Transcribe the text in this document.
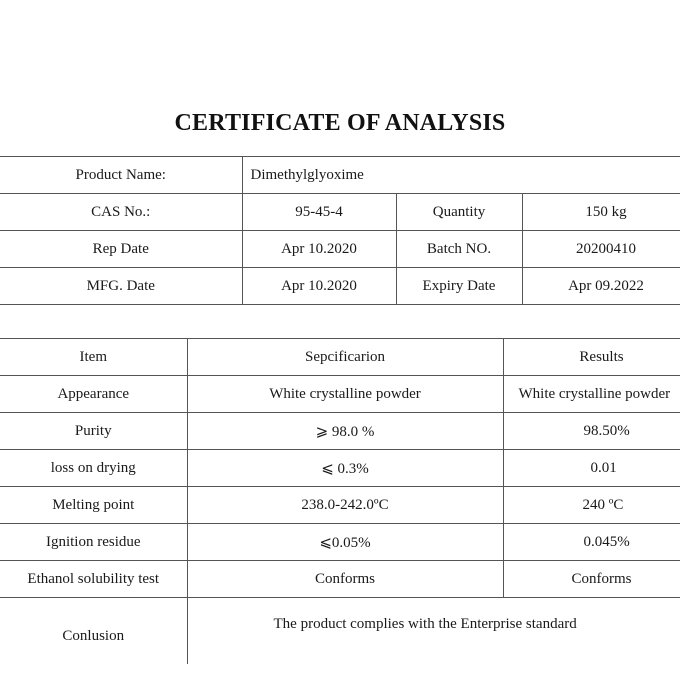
CERTIFICATE OF ANALYSIS
Product Name:	Dimethylglyoxime		
CAS No.:	95-45-4	Quantity	150 kg
Rep Date	Apr 10.2020	Batch NO.	20200410
MFG. Date	Apr 10.2020	Expiry Date	Apr 09.2022
Item	Sepcificarion	Results
Appearance	White crystalline powder	White crystalline powder
Purity	⩾ 98.0 %	98.50%
loss on drying	⩽ 0.3%	0.01
Melting point	238.0-242.0ºC	240 ºC
Ignition residue	⩽0.05%	0.045%
Ethanol solubility test	Conforms	Conforms
Conlusion	The product complies with the Enterprise standard	
